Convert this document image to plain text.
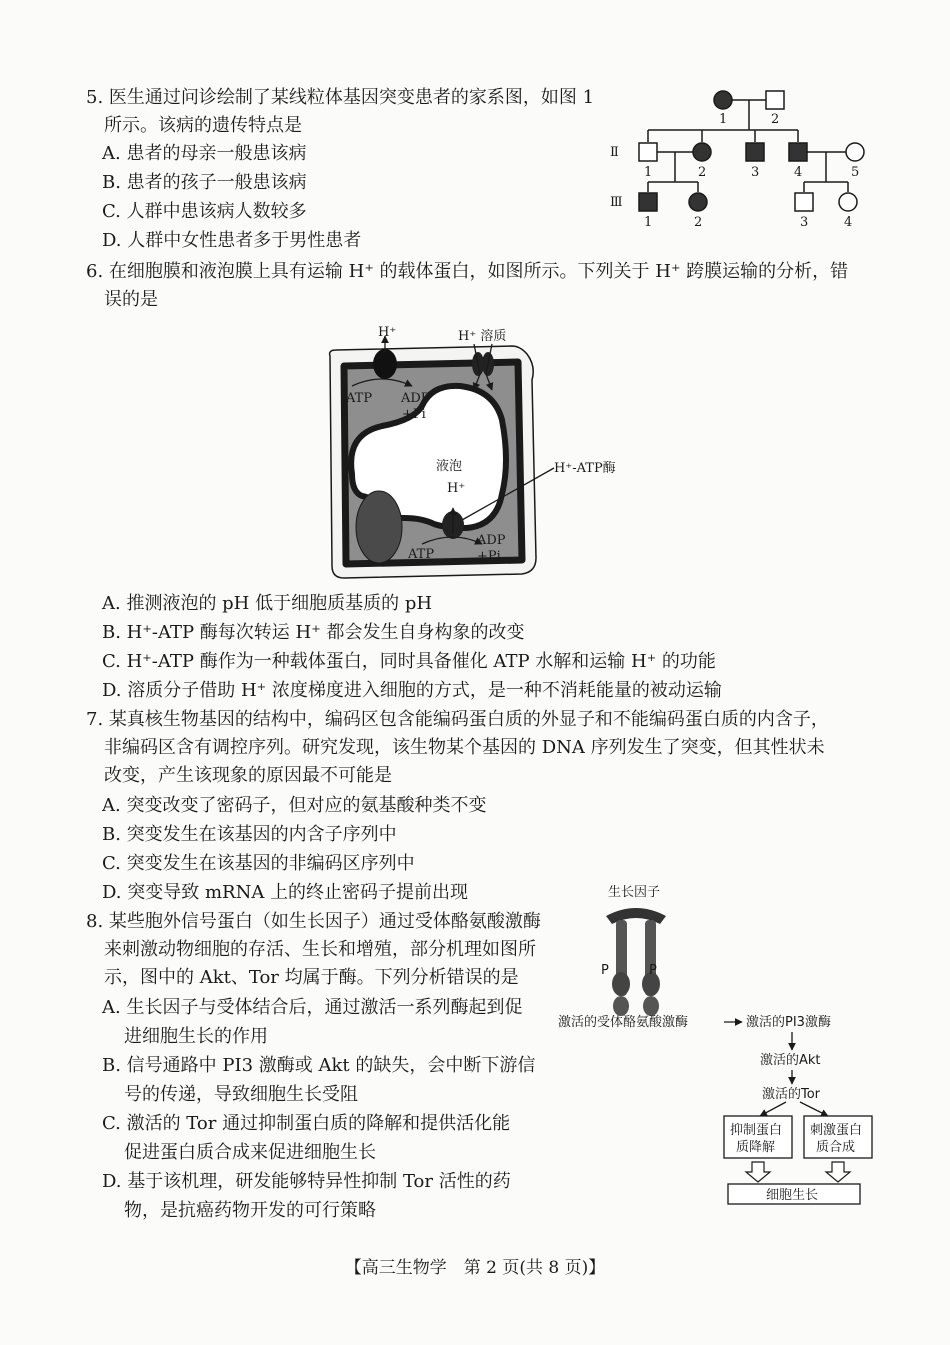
5. 医生通过问诊绘制了某线粒体基因突变患者的家系图，如图 1
所示。该病的遗传特点是
A. 患者的母亲一般患该病
B. 患者的孩子一般患该病
C. 人群中患该病人数较多
D. 人群中女性患者多于男性患者
Ⅱ
Ⅲ
1	2
1	2	3	4	5
1	2	3	4
6. 在细胞膜和液泡膜上具有运输 H⁺ 的载体蛋白，如图所示。下列关于 H⁺ 跨膜运输的分析，错
误的是
H⁺	H⁺ 溶质
ATP ADP
+Pi
液泡
H⁺
H⁺-ATP酶
ATP
ADP
+Pi
A. 推测液泡的 pH 低于细胞质基质的 pH
B. H⁺-ATP 酶每次转运 H⁺ 都会发生自身构象的改变
C. H⁺-ATP 酶作为一种载体蛋白，同时具备催化 ATP 水解和运输 H⁺ 的功能
D. 溶质分子借助 H⁺ 浓度梯度进入细胞的方式，是一种不消耗能量的被动运输
7. 某真核生物基因的结构中，编码区包含能编码蛋白质的外显子和不能编码蛋白质的内含子，
非编码区含有调控序列。研究发现，该生物某个基因的 DNA 序列发生了突变，但其性状未
改变，产生该现象的原因最不可能是
A. 突变改变了密码子，但对应的氨基酸种类不变
B. 突变发生在该基因的内含子序列中
C. 突变发生在该基因的非编码区序列中
D. 突变导致 mRNA 上的终止密码子提前出现
8. 某些胞外信号蛋白（如生长因子）通过受体酪氨酸激酶
来刺激动物细胞的存活、生长和增殖，部分机理如图所
示，图中的 Akt、Tor 均属于酶。下列分析错误的是
A. 生长因子与受体结合后，通过激活一系列酶起到促
进细胞生长的作用
B. 信号通路中 PI3 激酶或 Akt 的缺失，会中断下游信
号的传递，导致细胞生长受阻
C. 激活的 Tor 通过抑制蛋白质的降解和提供活化能
促进蛋白质合成来促进细胞生长
D. 基于该机理，研发能够特异性抑制 Tor 活性的药
物，是抗癌药物开发的可行策略
生长因子
P	P
激活的受体酪氨酸激酶	激活的PI3激酶
激活的Akt
激活的Tor
抑制蛋白
质降解
刺激蛋白
质合成
细胞生长
【高三生物学　第 2 页(共 8 页)】
